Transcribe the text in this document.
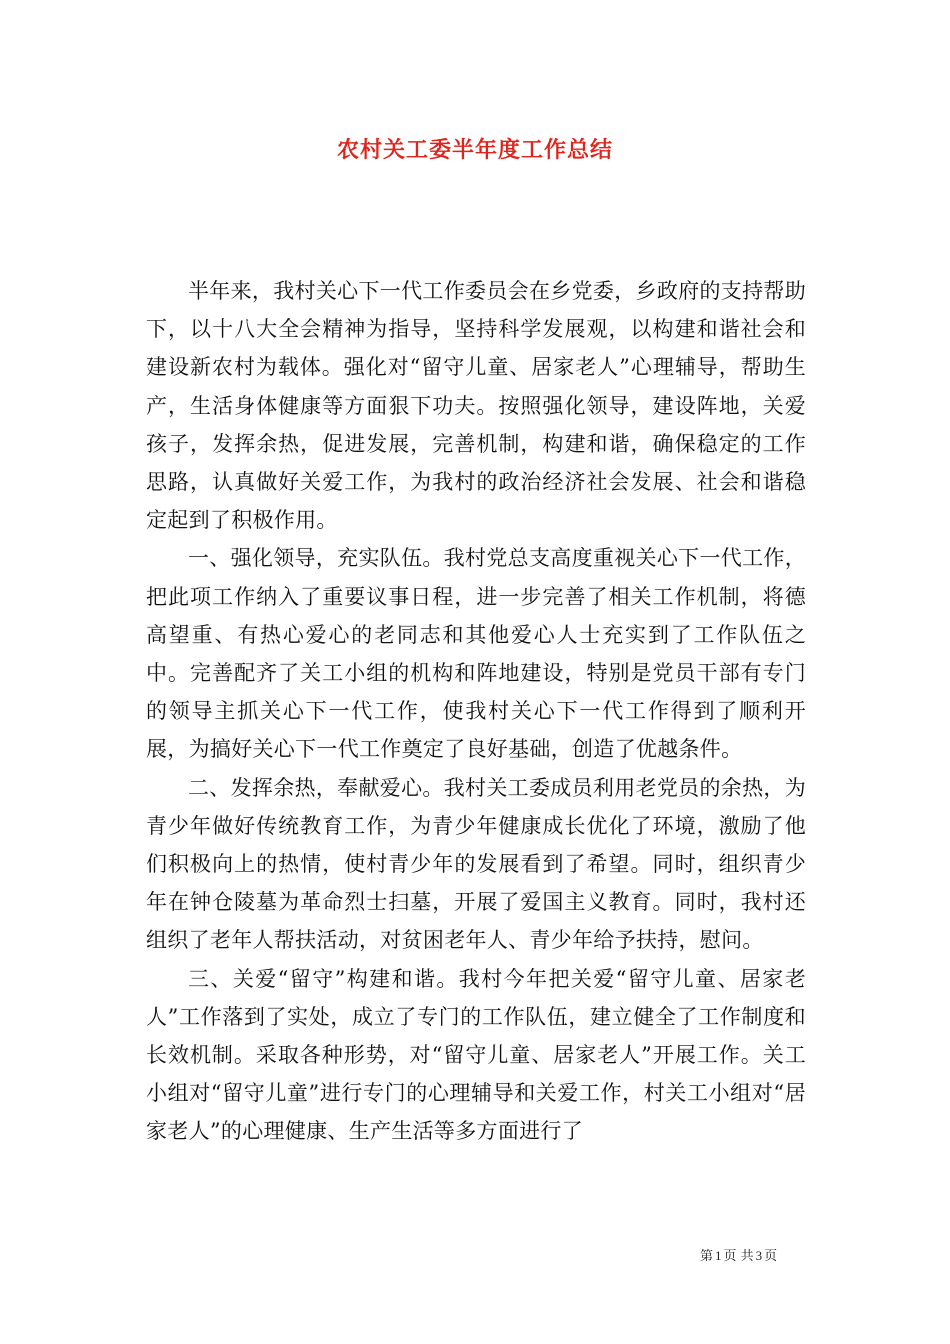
农村关工委半年度工作总结

半年来，我村关心下一代工作委员会在乡党委，乡政府的支持帮助下，以十八大全会精神为指导，坚持科学发展观，以构建和谐社会和建设新农村为载体。强化对“留守儿童、居家老人”心理辅导，帮助生产，生活身体健康等方面狠下功夫。按照强化领导，建设阵地，关爱孩子，发挥余热，促进发展，完善机制，构建和谐，确保稳定的工作思路，认真做好关爱工作，为我村的政治经济社会发展、社会和谐稳定起到了积极作用。

一、强化领导，充实队伍。我村党总支高度重视关心下一代工作，把此项工作纳入了重要议事日程，进一步完善了相关工作机制，将德高望重、有热心爱心的老同志和其他爱心人士充实到了工作队伍之中。完善配齐了关工小组的机构和阵地建设，特别是党员干部有专门的领导主抓关心下一代工作，使我村关心下一代工作得到了顺利开展，为搞好关心下一代工作奠定了良好基础，创造了优越条件。

二、发挥余热，奉献爱心。我村关工委成员利用老党员的余热，为青少年做好传统教育工作，为青少年健康成长优化了环境，激励了他们积极向上的热情，使村青少年的发展看到了希望。同时，组织青少年在钟仓陵墓为革命烈士扫墓，开展了爱国主义教育。同时，我村还组织了老年人帮扶活动，对贫困老年人、青少年给予扶持，慰问。

三、关爱“留守”构建和谐。我村今年把关爱“留守儿童、居家老人”工作落到了实处，成立了专门的工作队伍，建立健全了工作制度和长效机制。采取各种形势，对“留守儿童、居家老人”开展工作。关工小组对“留守儿童”进行专门的心理辅导和关爱工作，村关工小组对“居家老人”的心理健康、生产生活等多方面进行了

第 1 页 共 3 页
